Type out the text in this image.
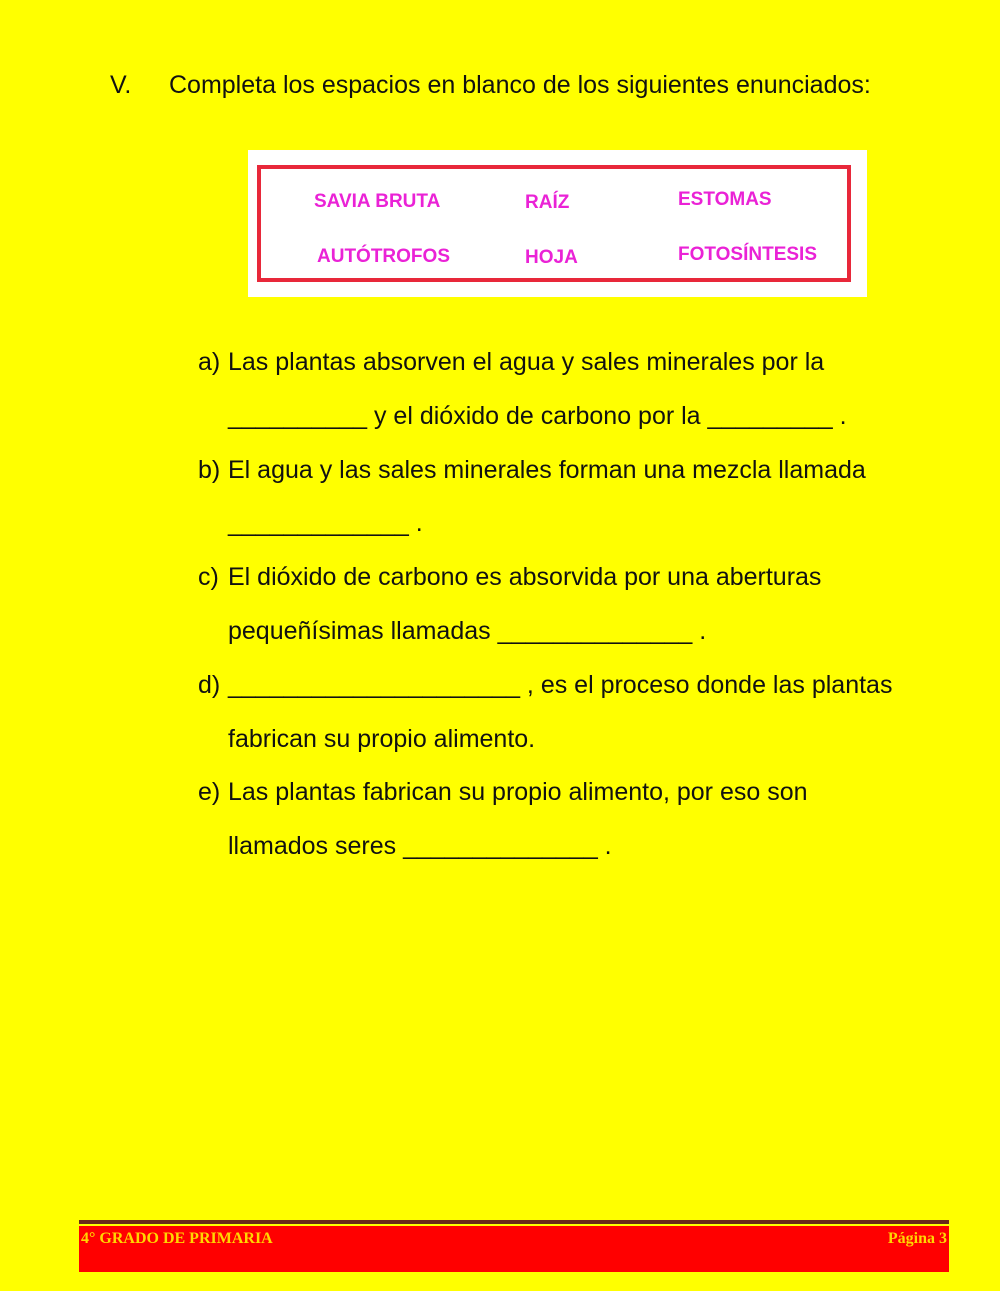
V. Completa los espacios en blanco de los siguientes enunciados:
SAVIA BRUTA	RAÍZ	ESTOMAS
AUTÓTROFOS	HOJA	FOTOSÍNTESIS
a) Las plantas absorven el agua y sales minerales por la
__________ y el dióxido de carbono por la _________ .
b) El agua y las sales minerales forman una mezcla llamada
_____________ .
c) El dióxido de carbono es absorvida por una aberturas
pequeñísimas llamadas ______________ .
d) _____________________ , es el proceso donde las plantas
fabrican su propio alimento.
e) Las plantas fabrican su propio alimento, por eso son
llamados seres ______________ .
4° GRADO DE PRIMARIA	Página 3
